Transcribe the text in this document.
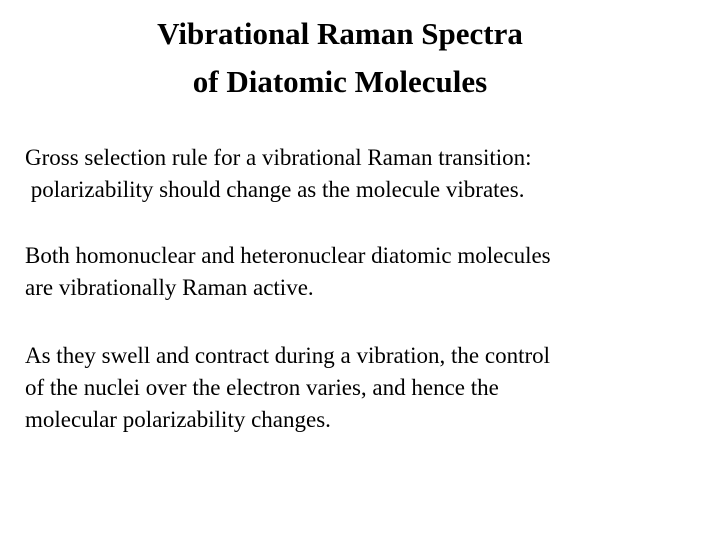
Vibrational Raman Spectra
of Diatomic Molecules
Gross selection rule for a vibrational Raman transition:
polarizability should change as the molecule vibrates.
Both homonuclear and heteronuclear diatomic molecules
are vibrationally Raman active.
As they swell and contract during a vibration, the control
of the nuclei over the electron varies, and hence the
molecular polarizability changes.
